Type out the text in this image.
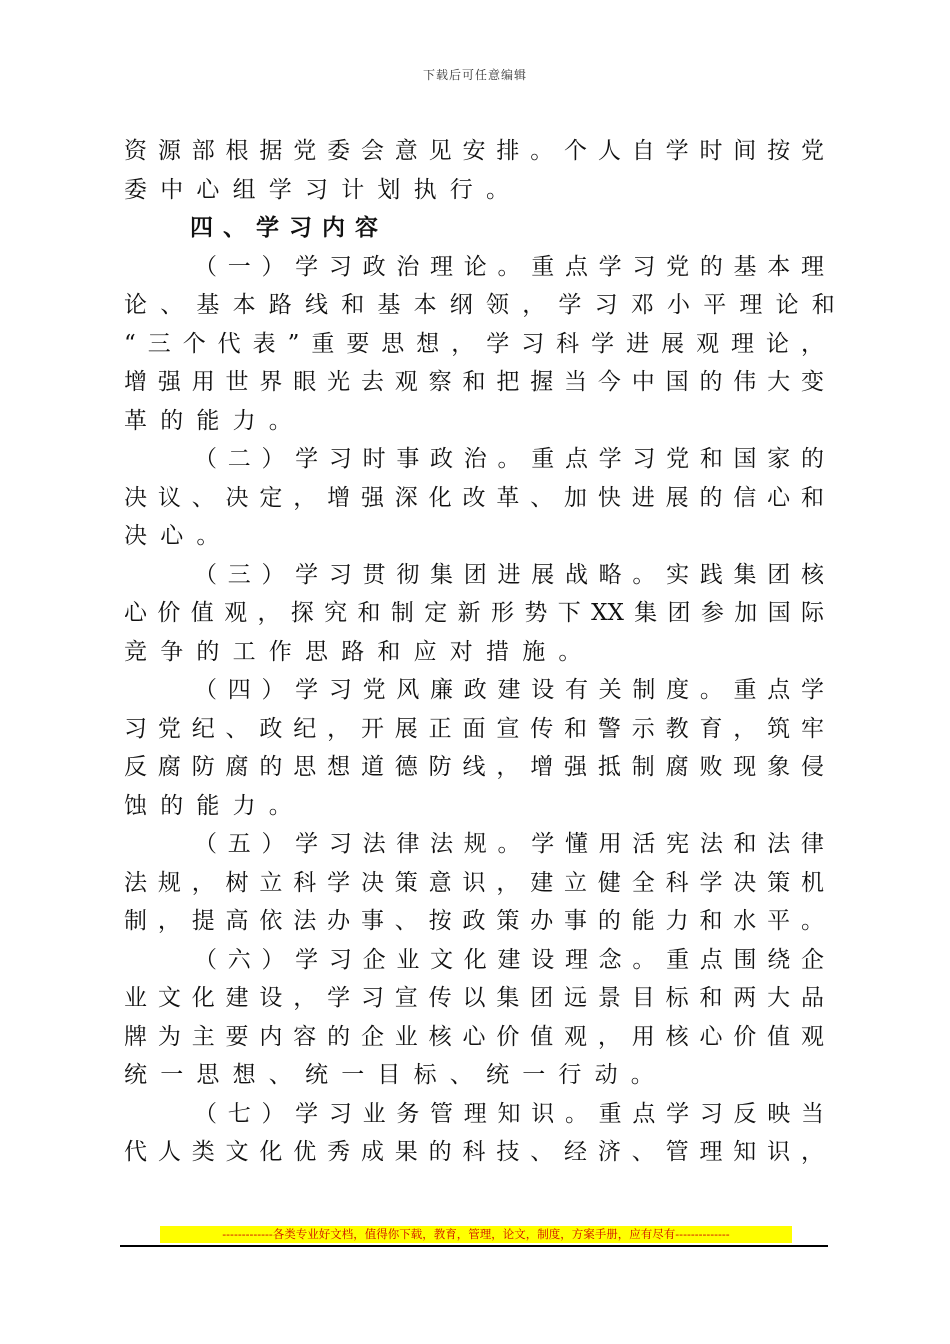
下载后可任意编辑
资源部根据党委会意见安排。个人自学时间按党
委中心组学习计划执行。
四、学习内容
（一）学习政治理论。重点学习党的基本理
论、基本路线和基本纲领，学习邓小平理论和
“三个代表”重要思想，学习科学进展观理论，
增强用世界眼光去观察和把握当今中国的伟大变
革的能力。
（二）学习时事政治。重点学习党和国家的
决议、决定，增强深化改革、加快进展的信心和
决心。
（三）学习贯彻集团进展战略。实践集团核
心价值观，探究和制定新形势下XX集团参加国际
竞争的工作思路和应对措施。
（四）学习党风廉政建设有关制度。重点学
习党纪、政纪，开展正面宣传和警示教育，筑牢
反腐防腐的思想道德防线，增强抵制腐败现象侵
蚀的能力。
（五）学习法律法规。学懂用活宪法和法律
法规，树立科学决策意识，建立健全科学决策机
制，提高依法办事、按政策办事的能力和水平。
（六）学习企业文化建设理念。重点围绕企
业文化建设，学习宣传以集团远景目标和两大品
牌为主要内容的企业核心价值观，用核心价值观
统一思想、统一目标、统一行动。
（七）学习业务管理知识。重点学习反映当
代人类文化优秀成果的科技、经济、管理知识，
-------------各类专业好文档，值得你下载，教育，管理，论文，制度，方案手册，应有尽有--------------
